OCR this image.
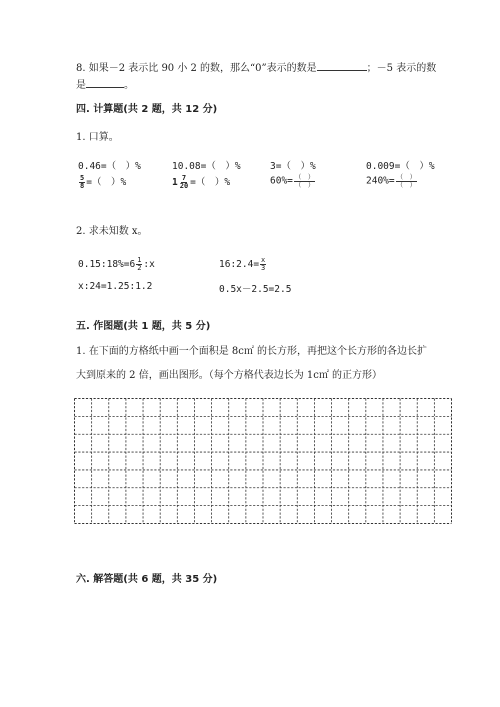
8. 如果－2 表示比 90 小 2 的数，那么“0”表示的数是	；－5 表示的数
是	。
四. 计算题(共 2 题，共 12 分)
1. 口算。
0.46=（　）%	10.08=（　）%	3=（　）%	0.009=（　）%
$\frac{5}{8}$ =（　）%	$1 \frac{7}{20}$ =（　）%	$60\%= \frac{( )}{( )}$	$240\%= \frac{( )}{( )}$
2. 求未知数 x。
0.15:18%=6 $\frac{1}{2}$ :x	16:2.4= $\frac{x}{3}$
x:24=1.25:1.2	0.5x－2.5=2.5
五. 作图题(共 1 题，共 5 分)
1. 在下面的方格纸中画一个面积是 8c㎡ 的长方形，再把这个长方形的各边长扩
大到原来的 2 倍，画出图形。（每个方格代表边长为 1c㎡ 的正方形）
六. 解答题(共 6 题，共 35 分)
